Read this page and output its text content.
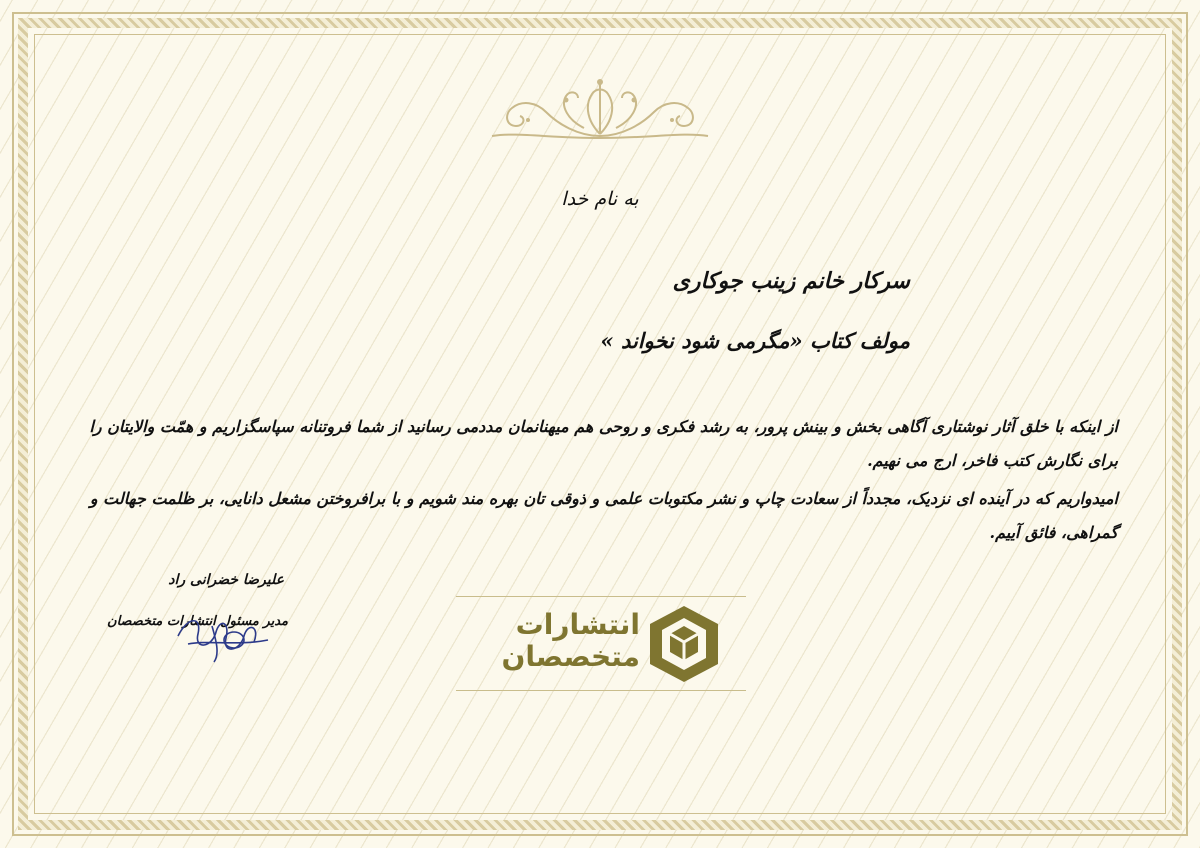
به نام خدا
سرکار خانم زینب جوکاری
مولف کتاب «مگرمی شود نخواند »
از اینکه با خلق آثار نوشتاری آگاهی بخش و بینش پرور، به رشد فکری و روحی هم میهنانمان مددمی رسانید از شما فروتنانه سپاسگزاریم و همّت والایتان را برای نگارش کتب فاخر، ارج می نهیم.
امیدواریم که در آینده ای نزدیک، مجدداً از سعادت چاپ و نشر مکتوبات علمی و ذوقی تان بهره مند شویم و با برافروختن مشعل دانایی، بر ظلمت جهالت و گمراهی، فائق آییم.
علیرضا خضرانی راد
مدیر مسئول انتشارات متخصصان	انتشارات
متخصصان
